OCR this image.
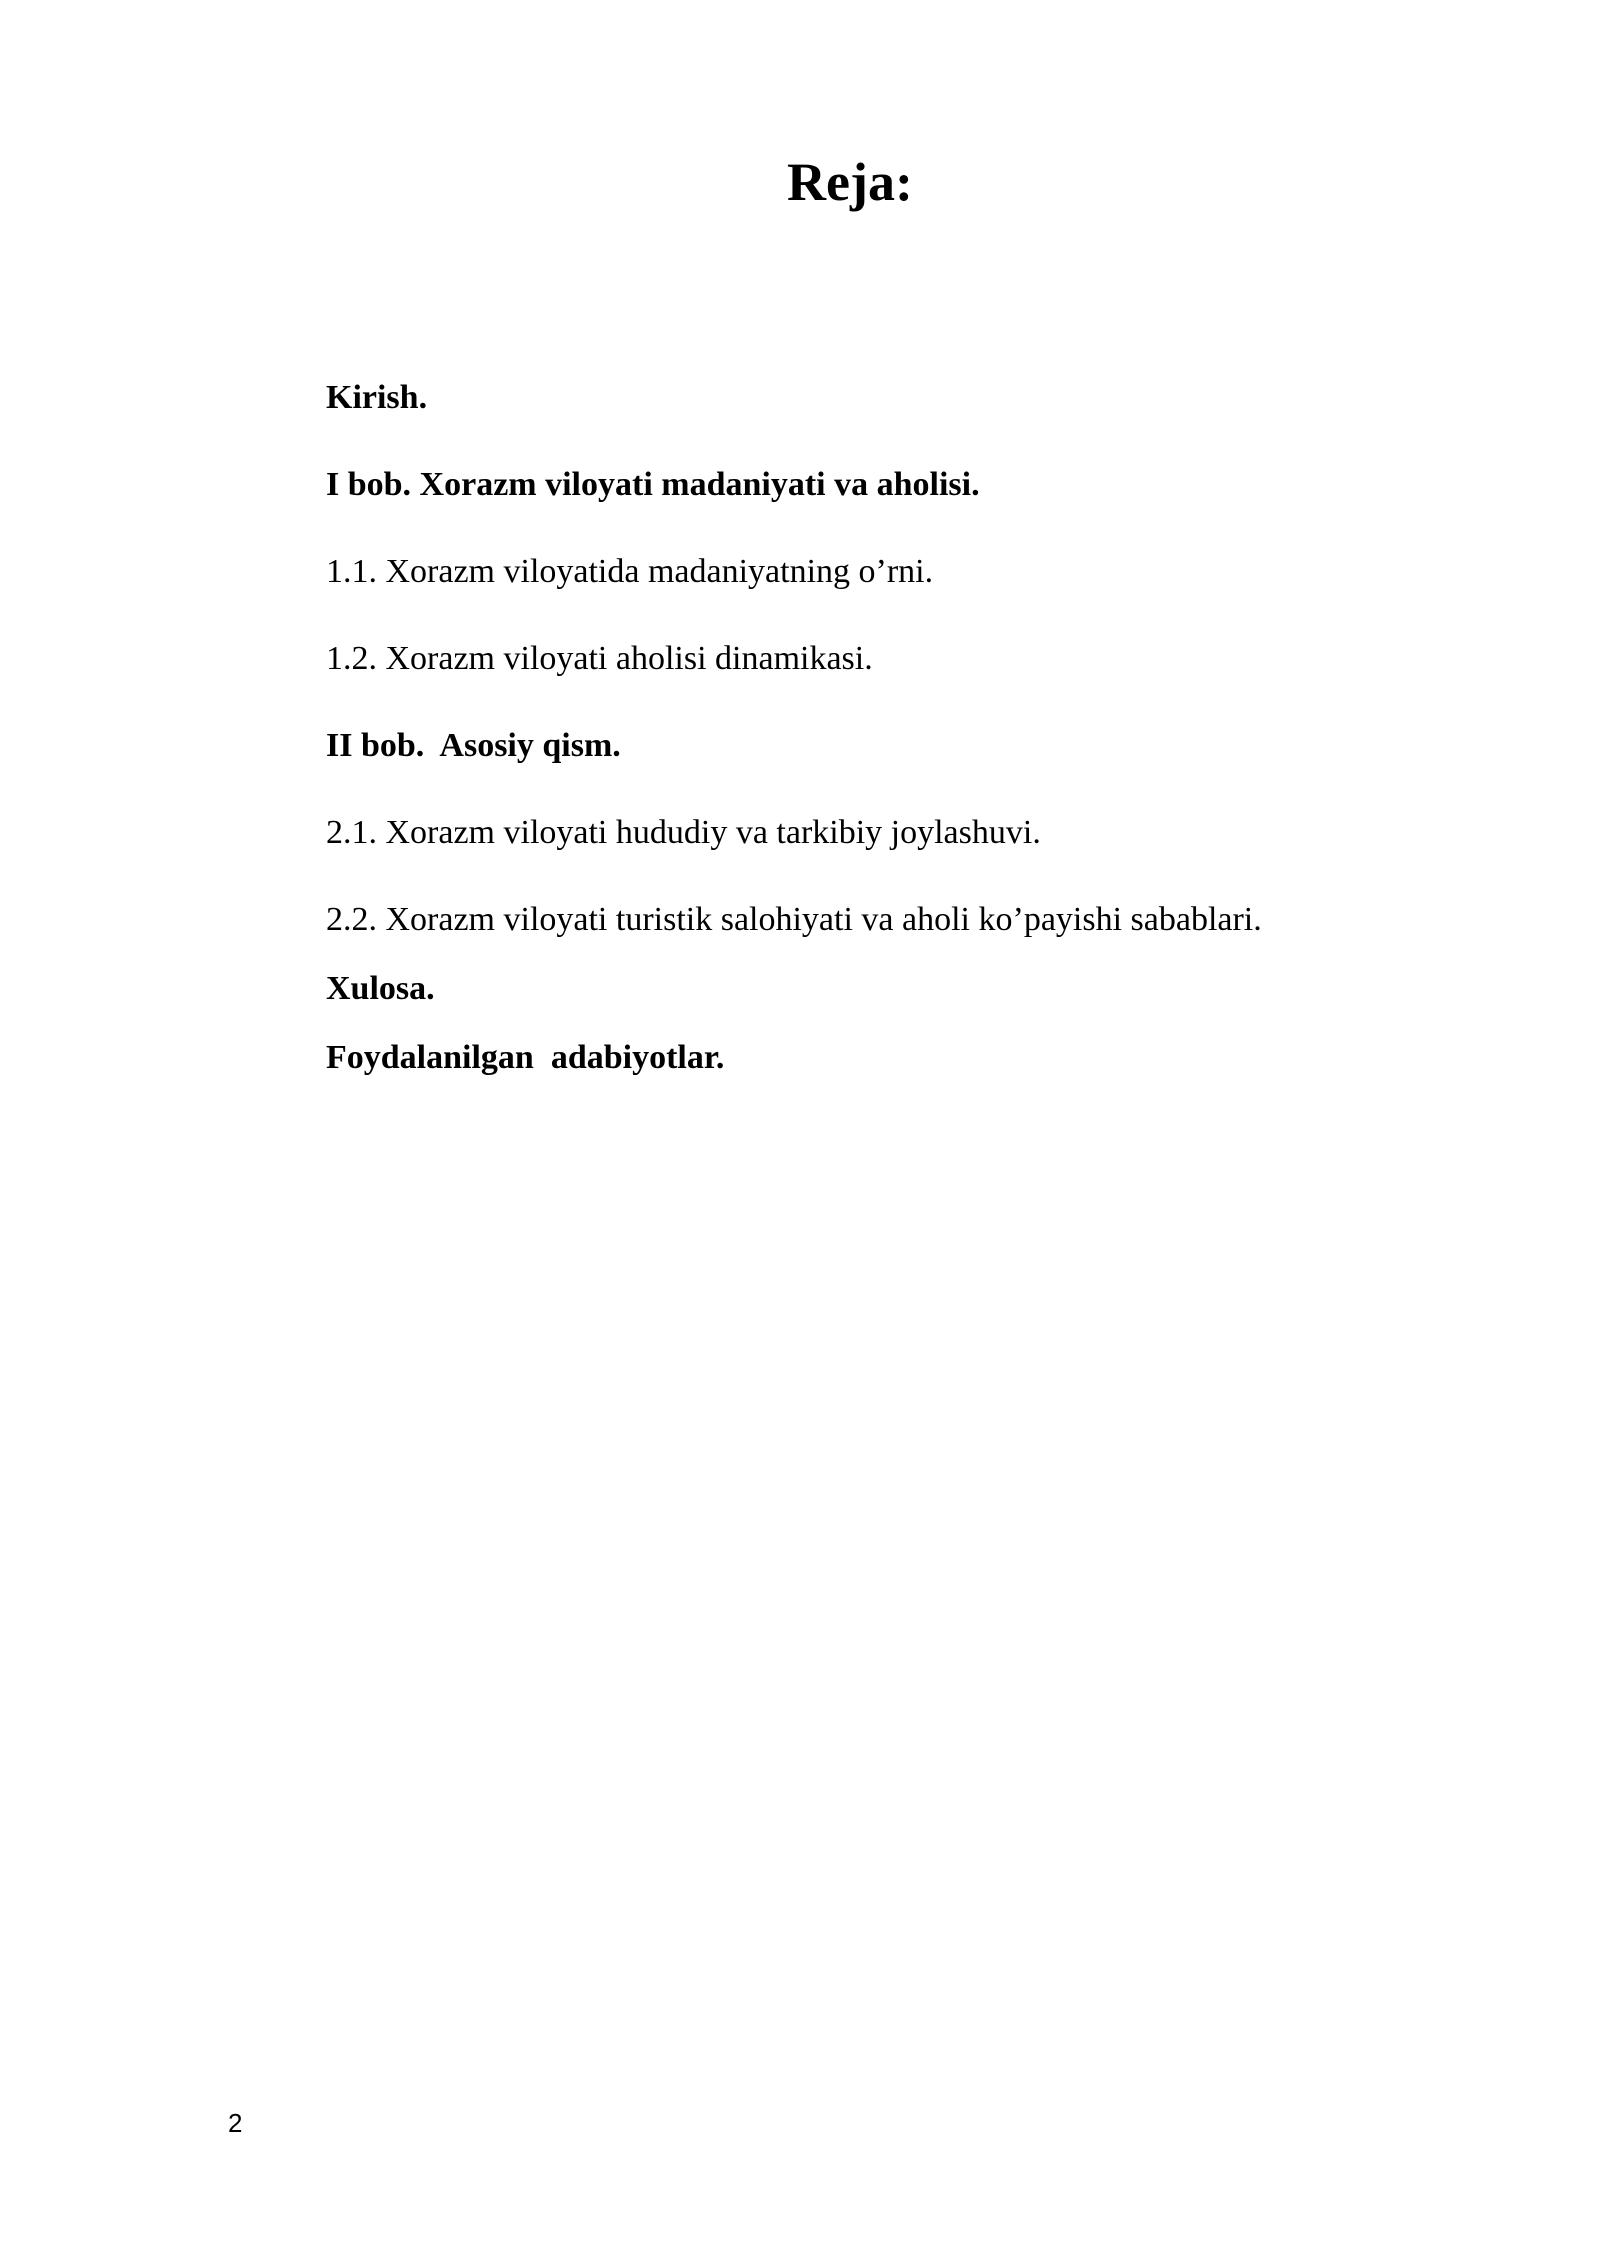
Reja:
Kirish.
I bob. Xorazm viloyati madaniyati va aholisi.
1.1. Xorazm viloyatida madaniyatning o’rni.
1.2. Xorazm viloyati aholisi dinamikasi.
II bob.  Asosiy qism.
2.1. Xorazm viloyati hududiy va tarkibiy joylashuvi.
2.2. Xorazm viloyati turistik salohiyati va aholi ko’payishi sabablari.
Xulosa.
Foydalanilgan  adabiyotlar.
2
